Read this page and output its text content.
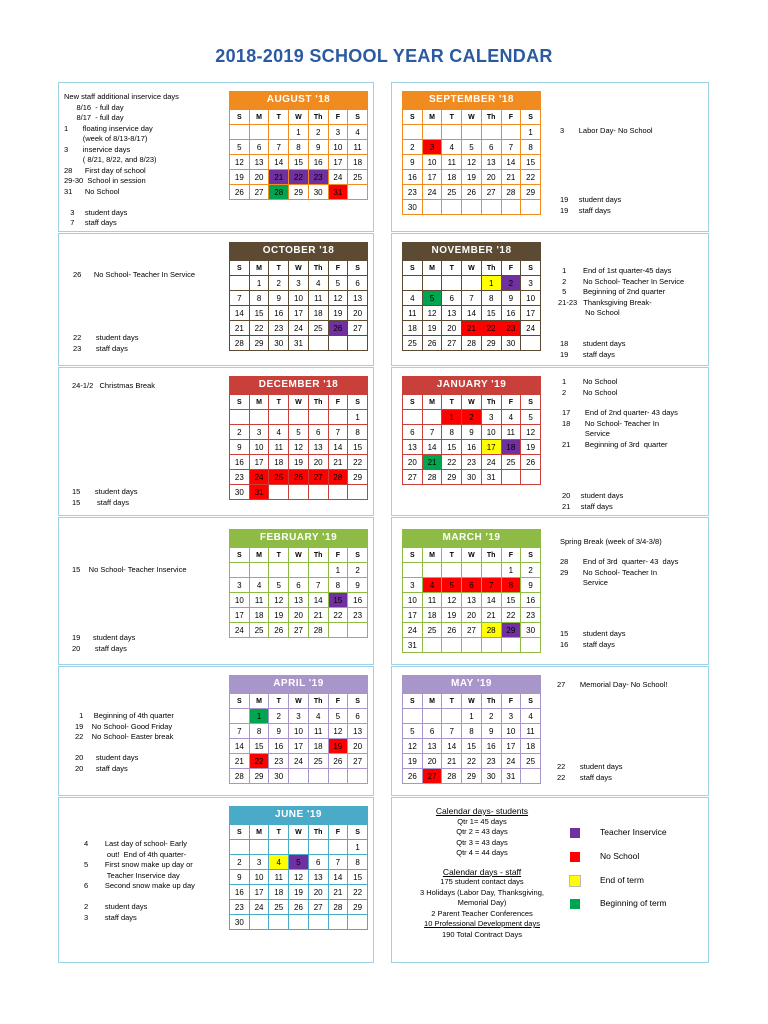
2018-2019 SCHOOL YEAR CALENDAR
AUGUST '18
S	M	T	W	Th	F	S
			1	2	3	4
5	6	7	8	9	10	11
12	13	14	15	16	17	18
19	20	21	22	23	24	25
26	27	28	29	30	31	
SEPTEMBER '18
S	M	T	W	Th	F	S
						1
2	3	4	5	6	7	8
9	10	11	12	13	14	15
16	17	18	19	20	21	22
23	24	25	26	27	28	29
30						
OCTOBER '18
S	M	T	W	Th	F	S
	1	2	3	4	5	6
7	8	9	10	11	12	13
14	15	16	17	18	19	20
21	22	23	24	25	26	27
28	29	30	31			
NOVEMBER '18
S	M	T	W	Th	F	S
				1	2	3
4	5	6	7	8	9	10
11	12	13	14	15	16	17
18	19	20	21	22	23	24
25	26	27	28	29	30	
DECEMBER '18
S	M	T	W	Th	F	S
						1
2	3	4	5	6	7	8
9	10	11	12	13	14	15
16	17	18	19	20	21	22
23	24	25	26	27	28	29
30	31					
JANUARY '19
S	M	T	W	Th	F	S
		1	2	3	4	5
6	7	8	9	10	11	12
13	14	15	16	17	18	19
20	21	22	23	24	25	26
27	28	29	30	31		
FEBRUARY '19
S	M	T	W	Th	F	S
					1	2
3	4	5	6	7	8	9
10	11	12	13	14	15	16
17	18	19	20	21	22	23
24	25	26	27	28		
MARCH '19
S	M	T	W	Th	F	S
					1	2
3	4	5	6	7	8	9
10	11	12	13	14	15	16
17	18	19	20	21	22	23
24	25	26	27	28	29	30
31						
APRIL '19
S	M	T	W	Th	F	S
	1	2	3	4	5	6
7	8	9	10	11	12	13
14	15	16	17	18	19	20
21	22	23	24	25	26	27
28	29	30				
MAY '19
S	M	T	W	Th	F	S
			1	2	3	4
5	6	7	8	9	10	11
12	13	14	15	16	17	18
19	20	21	22	23	24	25
26	27	28	29	30	31	
JUNE '19
S	M	T	W	Th	F	S
						1
2	3	4	5	6	7	8
9	10	11	12	13	14	15
16	17	18	19	20	21	22
23	24	25	26	27	28	29
30						
New staff additional inservice days
8/16  - full day
8/17  - full day
1       floating inservice day
(week of 8/13-8/17)
3       inservice days
( 8/21, 8/22, and 8/23)
28      First day of school
29-30  School in session
31      No School

3     student days
7     staff days
3       Labor Day- No School
19     student days
19     staff days
26      No School- Teacher In Service
22       student days
23       staff days
1        End of 1st quarter-45 days
2        No School- Teacher In Service
5        Beginning of 2nd quarter
21-23   Thanksgiving Break-
No School
18       student days
19       staff days
24-1/2   Christmas Break
15       student days
15        staff days
1        No School
2        No School
17       End of 2nd quarter- 43 days
18       No School- Teacher In
Service
21       Beginning of 3rd  quarter
20     student days
21     staff days
15    No School- Teacher Inservice
19      student days
20       staff days
Spring Break (week of 3/4-3/8)
28       End of 3rd  quarter- 43  days
29       No School- Teacher In
Service
15       student days
16       staff days
1     Beginning of 4th quarter
19    No School- Good Friday
22    No School- Easter break

20      student days
20      staff days
27       Memorial Day- No School!
22       student days
22       staff days
4        Last day of school- Early
out!  End of 4th quarter-
5        First snow make up day or
Teacher Inservice day
6        Second snow make up day

2        student days
3        staff days
Calendar days- students
Qtr 1= 45 days
Qtr 2 = 43 days
Qtr 3 = 43 days
Qtr 4 = 44 days
Calendar days - staff
175 student contact days
3 Holidays (Labor Day, Thanksgiving,
Memorial Day)
2 Parent Teacher Conferences
10 Professional Development days
190 Total Contract Days
Teacher Inservice
No School
End of term
Beginning of term
